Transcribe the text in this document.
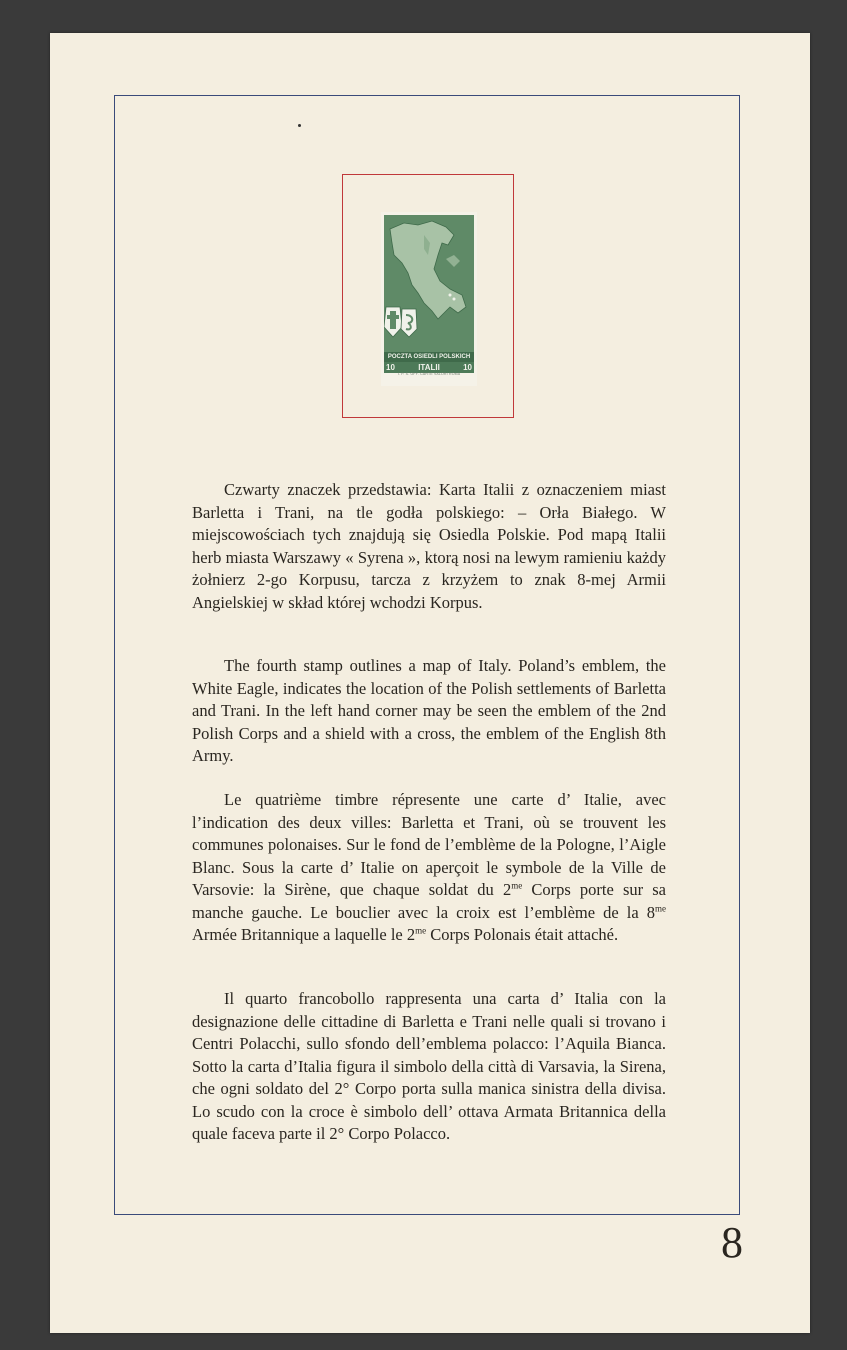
POCZTA OSIEDLI POLSKICH
10	ITALII	10
I. P. S. OFF. CARTE VALORI ROMA
Czwarty znaczek przedstawia: Karta Italii z oznaczeniem miast Barletta i Trani, na tle godła polskiego: – Orła Białego. W miejscowościach tych znajdują się Osiedla Polskie. Pod mapą Italii herb miasta Warszawy « Syrena », ktorą nosi na lewym ramieniu każdy żołnierz 2-go Korpusu, tarcza z krzyżem to znak 8-mej Armii Angielskiej w skład której wchodzi Korpus.
The fourth stamp outlines a map of Italy. Poland’s emblem, the White Eagle, indicates the location of the Polish settlements of Barletta and Trani. In the left hand corner may be seen the emblem of the 2nd Polish Corps and a shield with a cross, the emblem of the English 8th Army.
Le quatrième timbre répresente une carte d’ Italie, avec l’indication des deux villes: Barletta et Trani, où se trouvent les communes polonaises. Sur le fond de l’emblème de la Pologne, l’Aigle Blanc. Sous la carte d’ Italie on aperçoit le symbole de la Ville de Varsovie: la Sirène, que chaque soldat du $2^{me}$ Corps porte sur sa manche gauche. Le bouclier avec la croix est l’emblème de la $8^{me}$ Armée Britannique a laquelle le $2^{me}$ Corps Polonais était attaché.
Il quarto francobollo rappresenta una carta d’ Italia con la designazione delle cittadine di Barletta e Trani nelle quali si trovano i Centri Polacchi, sullo sfondo dell’emblema polacco: l’Aquila Bianca. Sotto la carta d’Italia figura il simbolo della città di Varsavia, la Sirena, che ogni soldato del 2° Corpo porta sulla manica sinistra della divisa. Lo scudo con la croce è simbolo dell’ ottava Armata Britannica della quale faceva parte il 2° Corpo Polacco.
8
